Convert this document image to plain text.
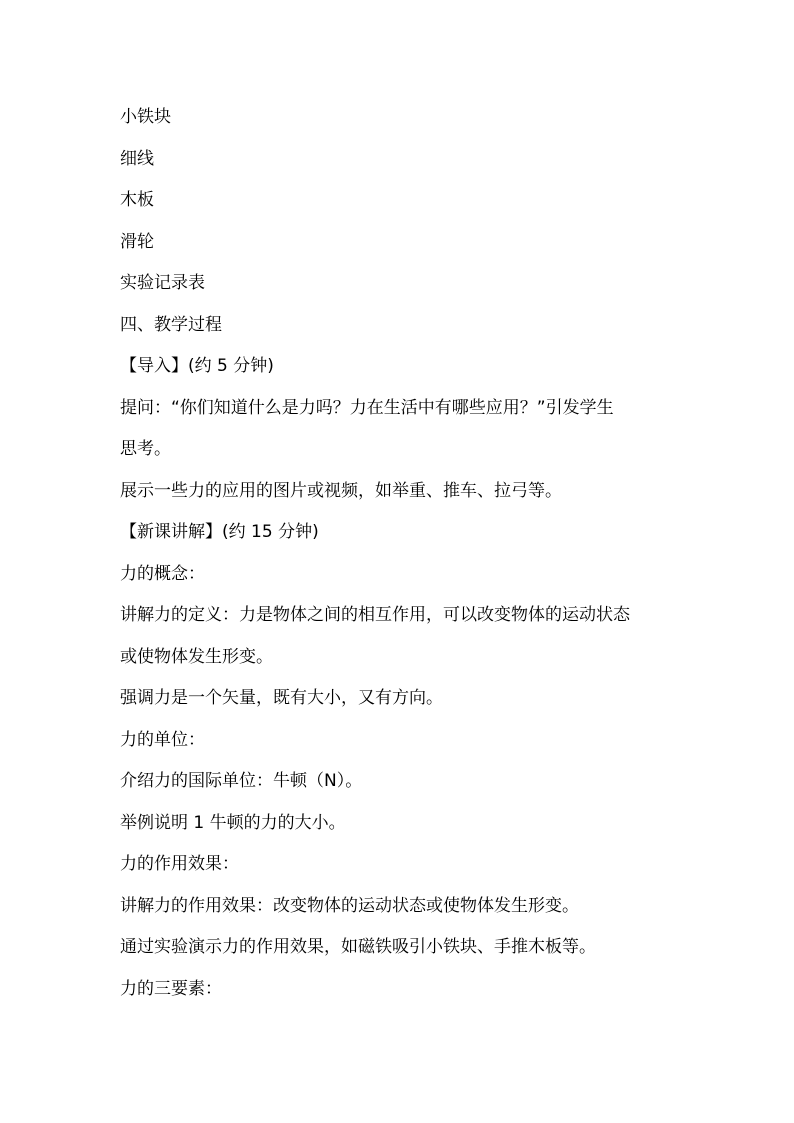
小铁块

细线

木板

滑轮

实验记录表

四、教学过程

【导入】(约 5 分钟)

提问：“你们知道什么是力吗？力在生活中有哪些应用？”引发学生

思考。

展示一些力的应用的图片或视频，如举重、推车、拉弓等。

【新课讲解】(约 15 分钟)

力的概念：

讲解力的定义：力是物体之间的相互作用，可以改变物体的运动状态

或使物体发生形变。

强调力是一个矢量，既有大小，又有方向。

力的单位：

介绍力的国际单位：牛顿（N）。

举例说明 1 牛顿的力的大小。

力的作用效果：

讲解力的作用效果：改变物体的运动状态或使物体发生形变。

通过实验演示力的作用效果，如磁铁吸引小铁块、手推木板等。

力的三要素：
